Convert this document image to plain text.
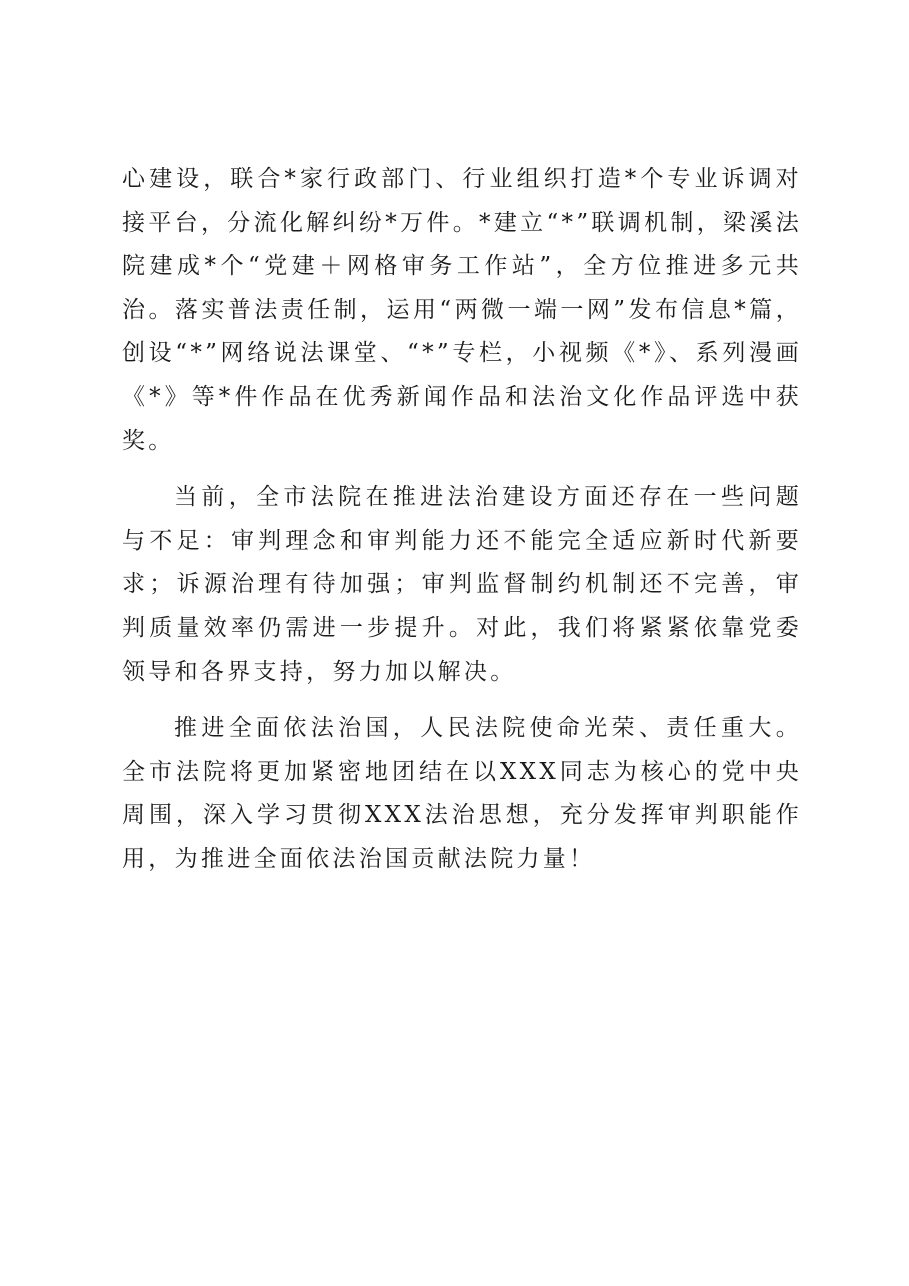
心建设，联合*家行政部门、行业组织打造*个专业诉调对接平台，分流化解纠纷*万件。*建立“*”联调机制，梁溪法院建成*个“党建＋网格审务工作站”，全方位推进多元共治。落实普法责任制，运用“两微一端一网”发布信息*篇，创设“*”网络说法课堂、“*”专栏，小视频《*》、系列漫画《*》等*件作品在优秀新闻作品和法治文化作品评选中获奖。

当前，全市法院在推进法治建设方面还存在一些问题与不足：审判理念和审判能力还不能完全适应新时代新要求；诉源治理有待加强；审判监督制约机制还不完善，审判质量效率仍需进一步提升。对此，我们将紧紧依靠党委领导和各界支持，努力加以解决。

推进全面依法治国，人民法院使命光荣、责任重大。全市法院将更加紧密地团结在以XXX同志为核心的党中央周围，深入学习贯彻XXX法治思想，充分发挥审判职能作用，为推进全面依法治国贡献法院力量！
